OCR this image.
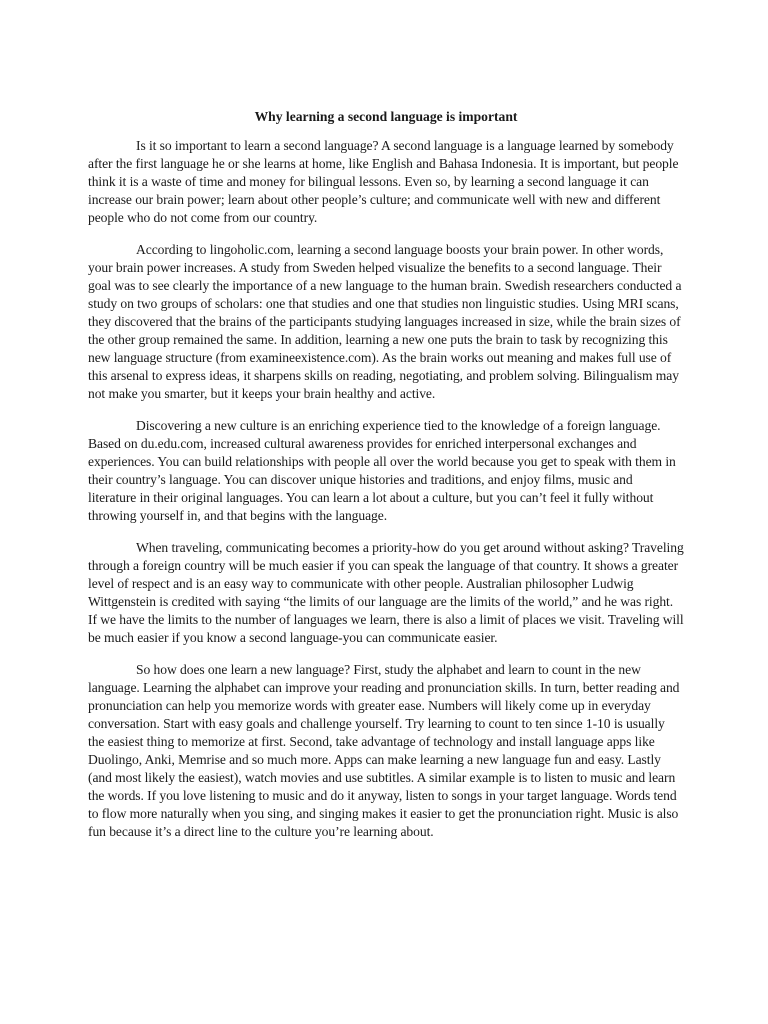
Why learning a second language is important

Is it so important to learn a second language? A second language is a language learned by somebody after the first language he or she learns at home, like English and Bahasa Indonesia. It is important, but people think it is a waste of time and money for bilingual lessons. Even so, by learning a second language it can increase our brain power; learn about other people’s culture; and communicate well with new and different people who do not come from our country.

According to lingoholic.com, learning a second language boosts your brain power. In other words, your brain power increases. A study from Sweden helped visualize the benefits to a second language. Their goal was to see clearly the importance of a new language to the human brain. Swedish researchers conducted a study on two groups of scholars: one that studies and one that studies non linguistic studies. Using MRI scans, they discovered that the brains of the participants studying languages increased in size, while the brain sizes of the other group remained the same. In addition, learning a new one puts the brain to task by recognizing this new language structure (from examineexistence.com). As the brain works out meaning and makes full use of this arsenal to express ideas, it sharpens skills on reading, negotiating, and problem solving. Bilingualism may not make you smarter, but it keeps your brain healthy and active.

Discovering a new culture is an enriching experience tied to the knowledge of a foreign language. Based on du.edu.com, increased cultural awareness provides for enriched interpersonal exchanges and experiences. You can build relationships with people all over the world because you get to speak with them in their country’s language. You can discover unique histories and traditions, and enjoy films, music and literature in their original languages. You can learn a lot about a culture, but you can’t feel it fully without throwing yourself in, and that begins with the language.

When traveling, communicating becomes a priority-how do you get around without asking? Traveling through a foreign country will be much easier if you can speak the language of that country. It shows a greater level of respect and is an easy way to communicate with other people. Australian philosopher Ludwig Wittgenstein is credited with saying “the limits of our language are the limits of the world,” and he was right. If we have the limits to the number of languages we learn, there is also a limit of places we visit. Traveling will be much easier if you know a second language-you can communicate easier.

So how does one learn a new language? First, study the alphabet and learn to count in the new language. Learning the alphabet can improve your reading and pronunciation skills. In turn, better reading and pronunciation can help you memorize words with greater ease. Numbers will likely come up in everyday conversation. Start with easy goals and challenge yourself. Try learning to count to ten since 1-10 is usually the easiest thing to memorize at first. Second, take advantage of technology and install language apps like Duolingo, Anki, Memrise and so much more. Apps can make learning a new language fun and easy. Lastly (and most likely the easiest), watch movies and use subtitles. A similar example is to listen to music and learn the words. If you love listening to music and do it anyway, listen to songs in your target language. Words tend to flow more naturally when you sing, and singing makes it easier to get the pronunciation right. Music is also fun because it’s a direct line to the culture you’re learning about.
